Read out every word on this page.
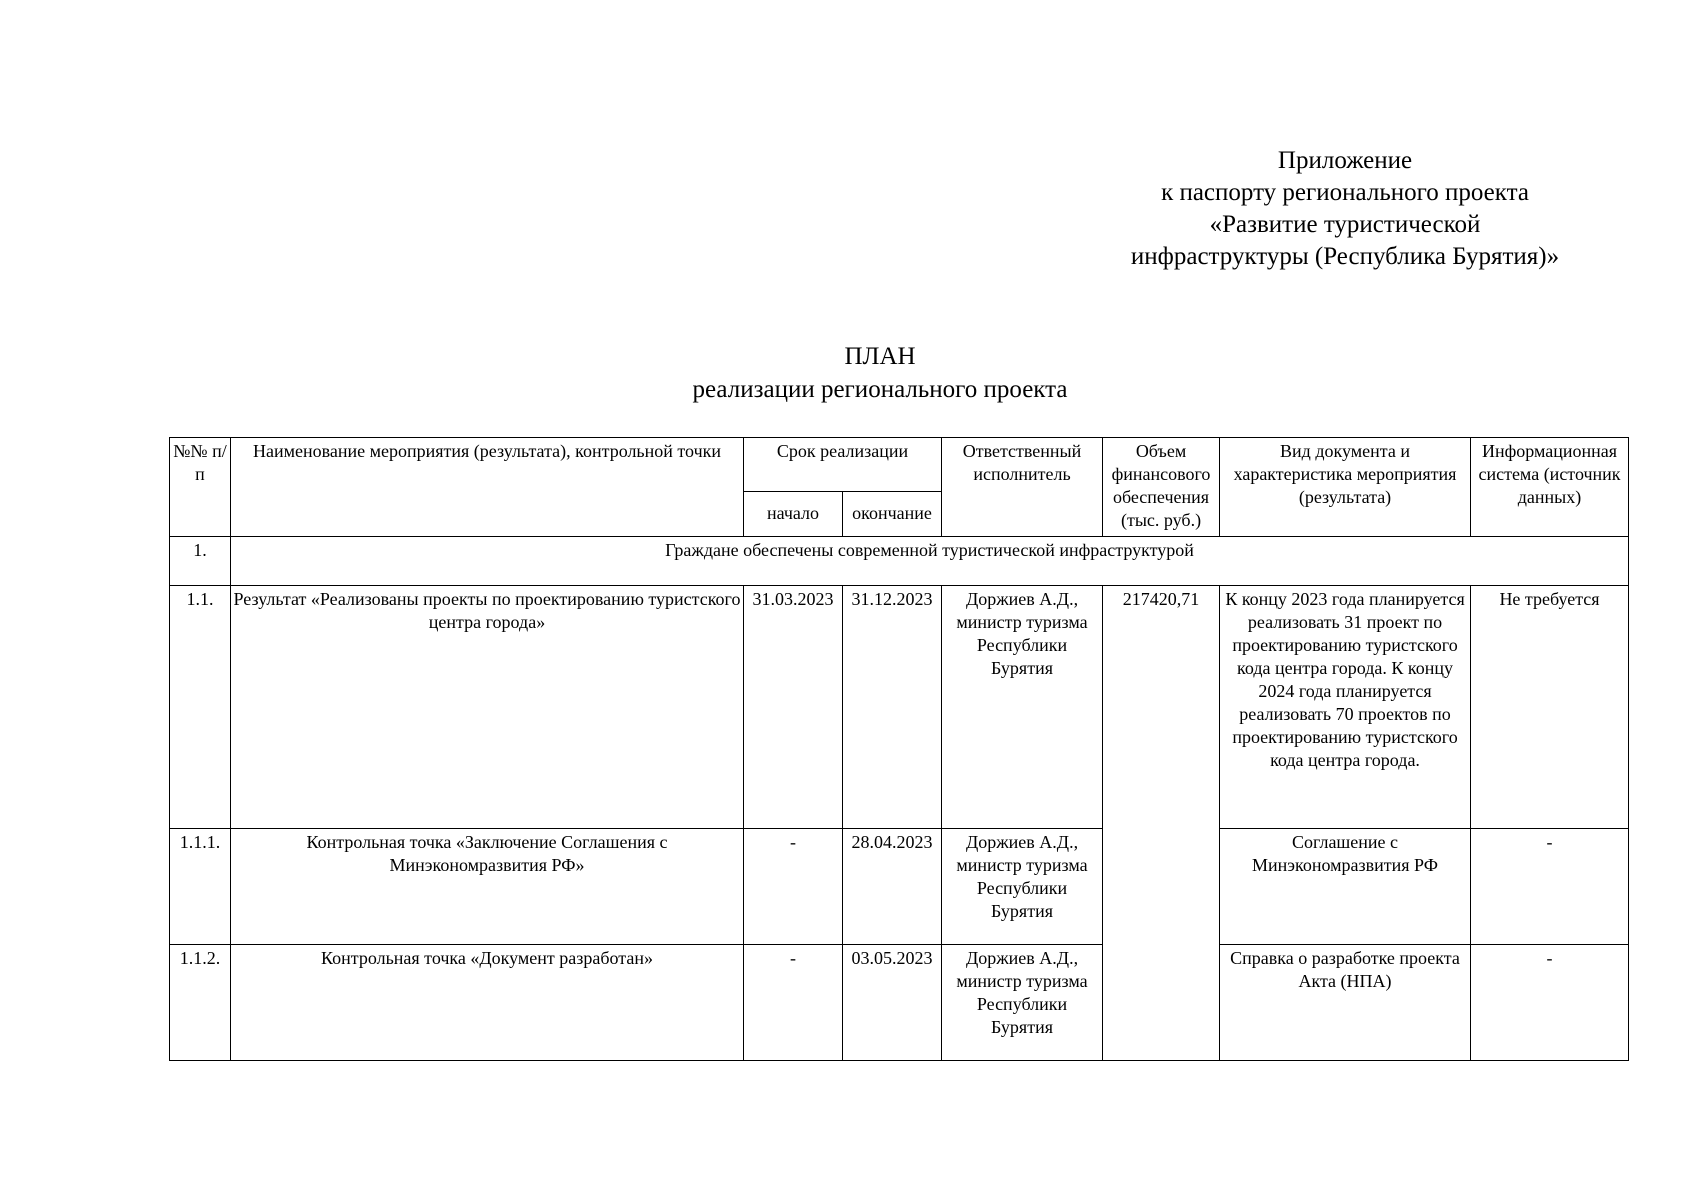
Приложение
к паспорту регионального проекта
«Развитие туристической
инфраструктуры (Республика Бурятия)»
ПЛАН
реализации регионального проекта
№№ п/п	Наименование мероприятия (результата), контрольной точки	Срок реализации		Ответственный исполнитель	Объем финансового обеспечения (тыс. руб.)	Вид документа и характеристика мероприятия (результата)	Информационная система (источник данных)
		начало	окончание				
1.	Граждане обеспечены современной туристической инфраструктурой						
1.1.	Результат «Реализованы проекты по проектированию туристского центра города»	31.03.2023	31.12.2023	Доржиев А.Д., министр туризма Республики Бурятия	217420,71	К концу 2023 года планируется реализовать 31 проект по проектированию туристского кода центра города. К концу 2024 года планируется реализовать 70 проектов по проектированию туристского кода центра города.	Не требуется
1.1.1.	Контрольная точка «Заключение Соглашения с Минэкономразвития РФ»	-	28.04.2023	Доржиев А.Д., министр туризма Республики Бурятия		Соглашение с Минэкономразвития РФ	-
1.1.2.	Контрольная точка «Документ разработан»	-	03.05.2023	Доржиев А.Д., министр туризма Республики Бурятия		Справка о разработке проекта Акта (НПА)	-
